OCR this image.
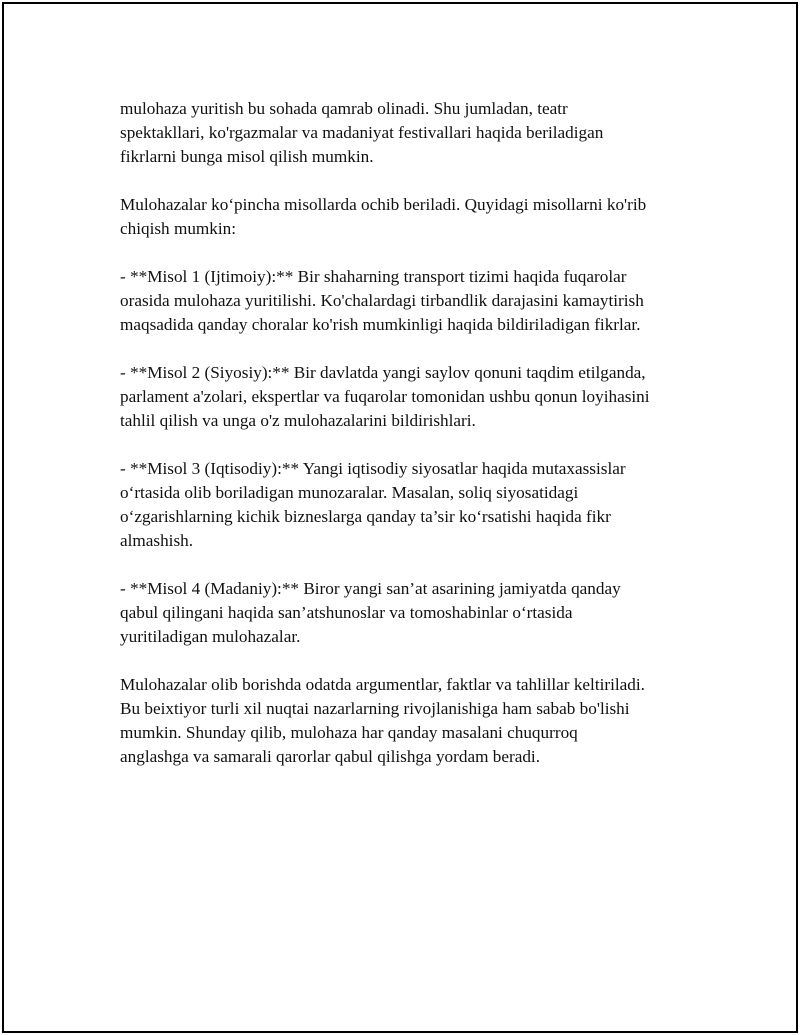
mulohaza yuritish bu sohada qamrab olinadi. Shu jumladan, teatr
spektakllari, ko'rgazmalar va madaniyat festivallari haqida beriladigan
fikrlarni bunga misol qilish mumkin.

Mulohazalar ko‘pincha misollarda ochib beriladi. Quyidagi misollarni ko'rib
chiqish mumkin:

- **Misol 1 (Ijtimoiy):** Bir shaharning transport tizimi haqida fuqarolar
orasida mulohaza yuritilishi. Ko'chalardagi tirbandlik darajasini kamaytirish
maqsadida qanday choralar ko'rish mumkinligi haqida bildiriladigan fikrlar.

- **Misol 2 (Siyosiy):** Bir davlatda yangi saylov qonuni taqdim etilganda,
parlament a'zolari, ekspertlar va fuqarolar tomonidan ushbu qonun loyihasini
tahlil qilish va unga o'z mulohazalarini bildirishlari.

- **Misol 3 (Iqtisodiy):** Yangi iqtisodiy siyosatlar haqida mutaxassislar
o‘rtasida olib boriladigan munozaralar. Masalan, soliq siyosatidagi
o‘zgarishlarning kichik bizneslarga qanday ta’sir ko‘rsatishi haqida fikr
almashish.

- **Misol 4 (Madaniy):** Biror yangi san’at asarining jamiyatda qanday
qabul qilingani haqida san’atshunoslar va tomoshabinlar o‘rtasida
yuritiladigan mulohazalar.

Mulohazalar olib borishda odatda argumentlar, faktlar va tahlillar keltiriladi.
Bu beixtiyor turli xil nuqtai nazarlarning rivojlanishiga ham sabab bo'lishi
mumkin. Shunday qilib, mulohaza har qanday masalani chuqurroq
anglashga va samarali qarorlar qabul qilishga yordam beradi.
